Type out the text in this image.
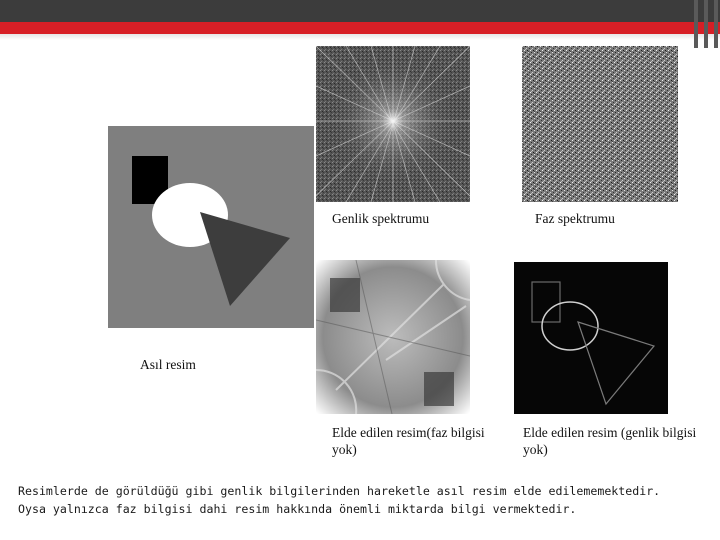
Asıl resim
Genlik spektrumu	Faz spektrumu
Elde edilen resim(faz bilgisi yok)
Elde edilen resim (genlik bilgisi yok)
Resimlerde de görüldüğü gibi genlik bilgilerinden hareketle asıl resim elde edilememektedir.
Oysa yalnızca faz bilgisi dahi resim hakkında önemli miktarda bilgi vermektedir.
